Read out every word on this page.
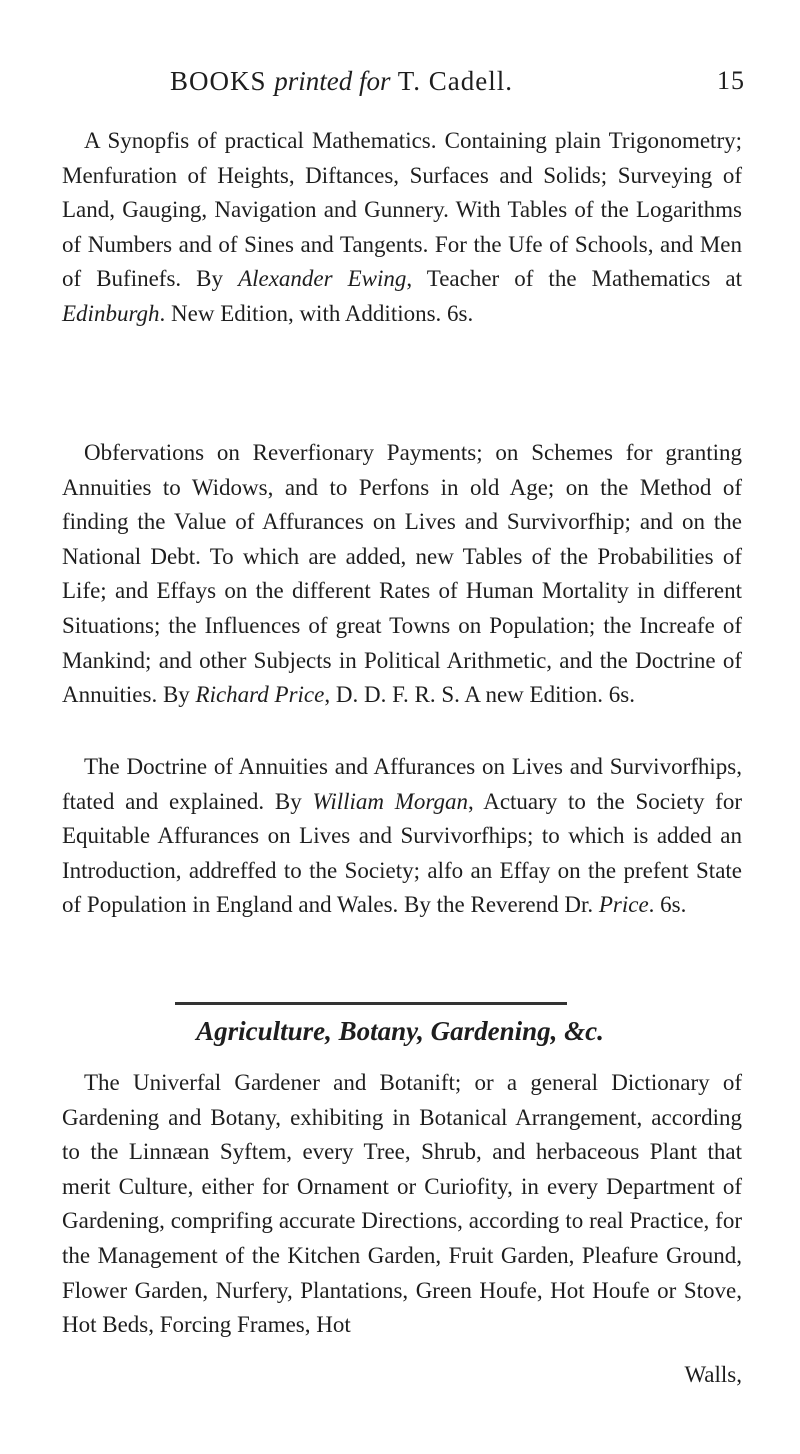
BOOKS printed for T. Cadell.	15

A Synopfis of practical Mathematics. Containing plain Trigonometry; Menfuration of Heights, Diftances, Surfaces and Solids; Surveying of Land, Gauging, Navigation and Gunnery. With Tables of the Logarithms of Numbers and of Sines and Tangents. For the Ufe of Schools, and Men of Bufinefs. By Alexander Ewing, Teacher of the Mathematics at Edinburgh. New Edition, with Additions. 6s.

Obfervations on Reverfionary Payments; on Schemes for granting Annuities to Widows, and to Perfons in old Age; on the Method of finding the Value of Affurances on Lives and Survivorfhip; and on the National Debt. To which are added, new Tables of the Probabilities of Life; and Effays on the different Rates of Human Mortality in different Situations; the Influences of great Towns on Population; the Increafe of Mankind; and other Subjects in Political Arithmetic, and the Doctrine of Annuities. By Richard Price, D. D. F. R. S. A new Edition. 6s.

The Doctrine of Annuities and Affurances on Lives and Survivorfhips, ftated and explained. By William Morgan, Actuary to the Society for Equitable Affurances on Lives and Survivorfhips; to which is added an Introduction, addreffed to the Society; alfo an Effay on the prefent State of Population in England and Wales. By the Reverend Dr. Price. 6s.

Agriculture, Botany, Gardening, &c.

The Univerfal Gardener and Botanift; or a general Dictionary of Gardening and Botany, exhibiting in Botanical Arrangement, according to the Linnæan Syftem, every Tree, Shrub, and herbaceous Plant that merit Culture, either for Ornament or Curiofity, in every Department of Gardening, comprifing accurate Directions, according to real Practice, for the Management of the Kitchen Garden, Fruit Garden, Pleafure Ground, Flower Garden, Nurfery, Plantations, Green Houfe, Hot Houfe or Stove, Hot Beds, Forcing Frames, Hot

Walls,
